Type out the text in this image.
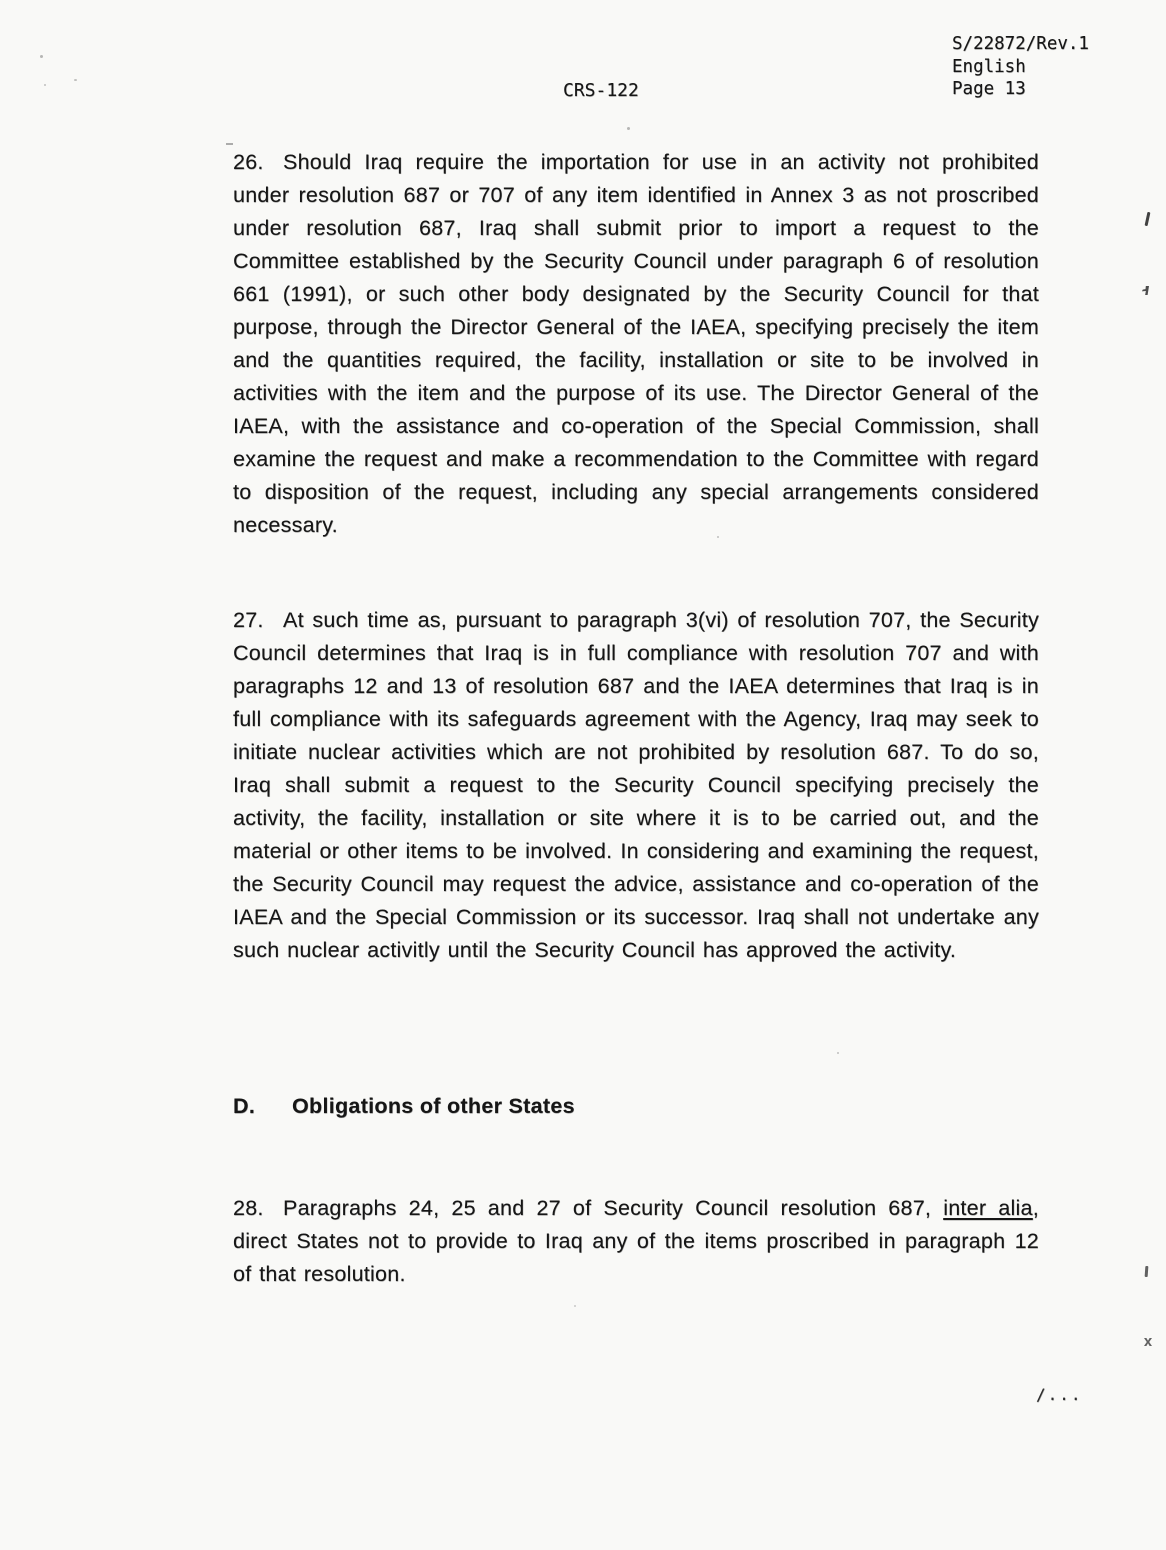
S/22872/Rev.1
English
Page 13
CRS-122

26. Should Iraq require the importation for use in an activity not prohibited under resolution 687 or 707 of any item identified in Annex 3 as not proscribed under resolution 687, Iraq shall submit prior to import a request to the Committee established by the Security Council under paragraph 6 of resolution 661 (1991), or such other body designated by the Security Council for that purpose, through the Director General of the IAEA, specifying precisely the item and the quantities required, the facility, installation or site to be involved in activities with the item and the purpose of its use. The Director General of the IAEA, with the assistance and co-operation of the Special Commission, shall examine the request and make a recommendation to the Committee with regard to disposition of the request, including any special arrangements considered necessary.

27. At such time as, pursuant to paragraph 3(vi) of resolution 707, the Security Council determines that Iraq is in full compliance with resolution 707 and with paragraphs 12 and 13 of resolution 687 and the IAEA determines that Iraq is in full compliance with its safeguards agreement with the Agency, Iraq may seek to initiate nuclear activities which are not prohibited by resolution 687. To do so, Iraq shall submit a request to the Security Council specifying precisely the activity, the facility, installation or site where it is to be carried out, and the material or other items to be involved. In considering and examining the request, the Security Council may request the advice, assistance and co-operation of the IAEA and the Special Commission or its successor. Iraq shall not undertake any such nuclear activitly until the Security Council has approved the activity.

D. Obligations of other States

28. Paragraphs 24, 25 and 27 of Security Council resolution 687, inter alia, direct States not to provide to Iraq any of the items proscribed in paragraph 12 of that resolution.

/...
